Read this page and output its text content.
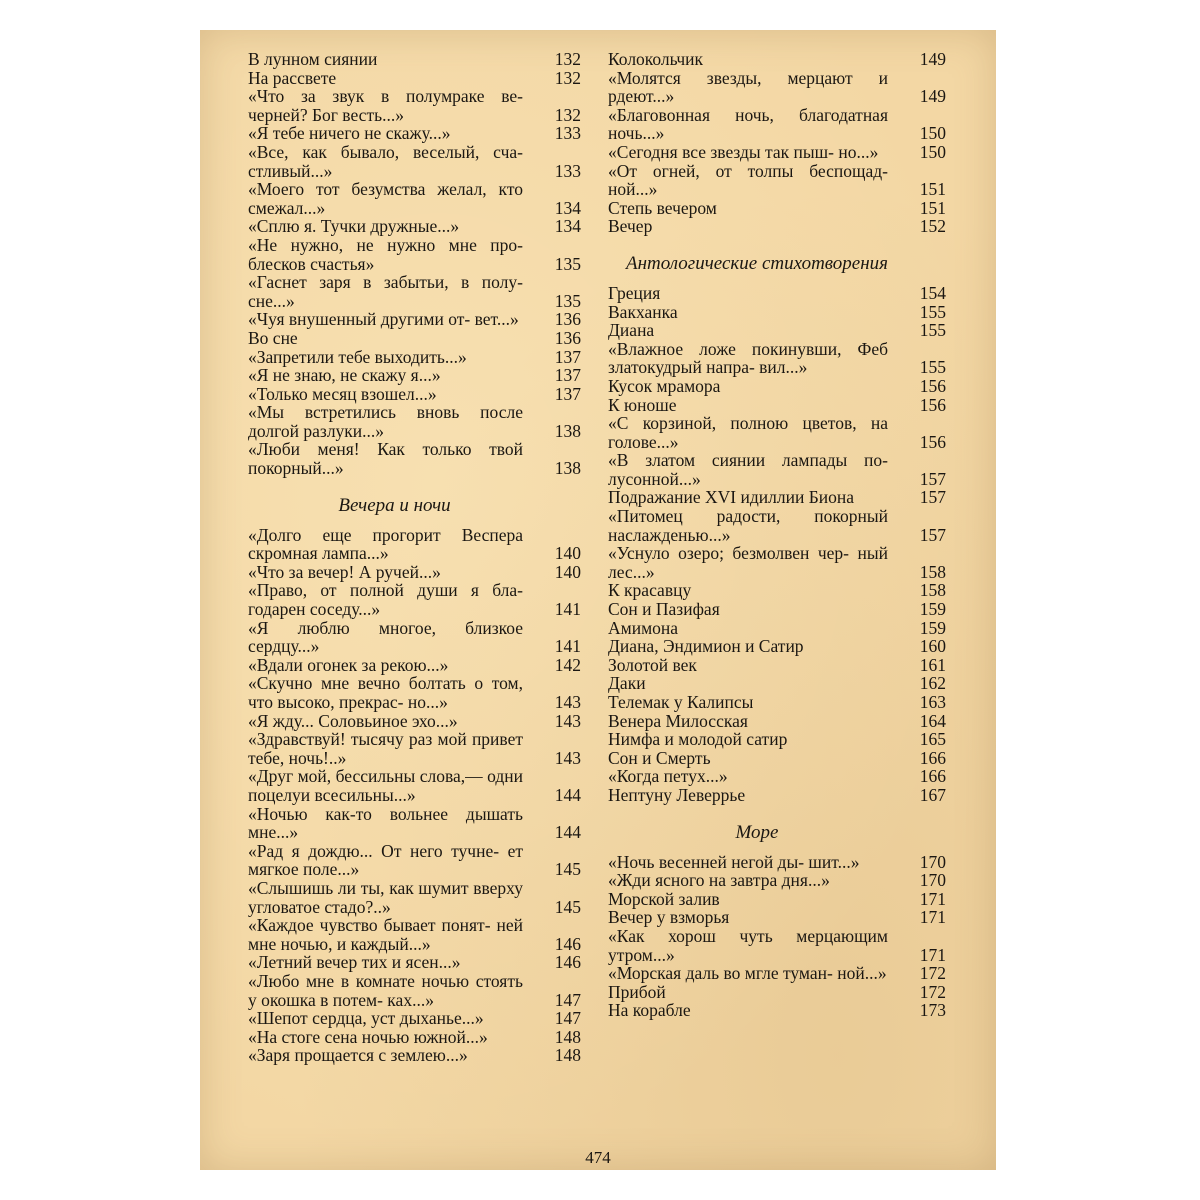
В лунном сиянии	132
На рассвете	132
«Что за звук в полумраке ве- черней? Бог весть...»	132
«Я тебе ничего не скажу...»	133
«Все, как бывало, веселый, сча- стливый...»	133
«Моего тот безумства желал, кто смежал...»	134
«Сплю я. Тучки дружные...»	134
«Не нужно, не нужно мне про- блесков счастья»	135
«Гаснет заря в забытьи, в полу- сне...»	135
«Чуя внушенный другими от- вет...»	136
Во сне	136
«Запретили тебе выходить...»	137
«Я не знаю, не скажу я...»	137
«Только месяц взошел...»	137
«Мы встретились вновь после долгой разлуки...»	138
«Люби меня! Как только твой покорный...»	138
Вечера и ночи
«Долго еще прогорит Веспера скромная лампа...»	140
«Что за вечер! А ручей...»	140
«Право, от полной души я бла- годарен соседу...»	141
«Я люблю многое, близкое сердцу...»	141
«Вдали огонек за рекою...»	142
«Скучно мне вечно болтать о том, что высоко, прекрас- но...»	143
«Я жду... Соловьиное эхо...»	143
«Здравствуй! тысячу раз мой привет тебе, ночь!..»	143
«Друг мой, бессильны слова,— одни поцелуи всесильны...»	144
«Ночью как-то вольнее дышать мне...»	144
«Рад я дождю... От него тучне- ет мягкое поле...»	145
«Слышишь ли ты, как шумит вверху угловатое стадо?..»	145
«Каждое чувство бывает понят- ней мне ночью, и каждый...»	146
«Летний вечер тих и ясен...»	146
«Любо мне в комнате ночью стоять у окошка в потем- ках...»	147
«Шепот сердца, уст дыханье...»	147
«На стоге сена ночью южной...»	148
«Заря прощается с землею...»	148
Колокольчик	149
«Молятся звезды, мерцают и рдеют...»	149
«Благовонная ночь, благодатная ночь...»	150
«Сегодня все звезды так пыш- но...»	150
«От огней, от толпы беспощад- ной...»	151
Степь вечером	151
Вечер	152
Антологические стихотворения
Греция	154
Вакханка	155
Диана	155
«Влажное ложе покинувши, Феб златокудрый напра- вил...»	155
Кусок мрамора	156
К юноше	156
«С корзиной, полною цветов, на голове...»	156
«В златом сиянии лампады по- лусонной...»	157
Подражание XVI идиллии Биона	157
«Питомец радости, покорный наслажденью...»	157
«Уснуло озеро; безмолвен чер- ный лес...»	158
К красавцу	158
Сон и Пазифая	159
Амимона	159
Диана, Эндимион и Сатир	160
Золотой век	161
Даки	162
Телемак у Калипсы	163
Венера Милосская	164
Нимфа и молодой сатир	165
Сон и Смерть	166
«Когда петух...»	166
Нептуну Леверрье	167
Море
«Ночь весенней негой ды- шит...»	170
«Жди ясного на завтра дня...»	170
Морской залив	171
Вечер у взморья	171
«Как хорош чуть мерцающим утром...»	171
«Морская даль во мгле туман- ной...»	172
Прибой	172
На корабле	173
474
